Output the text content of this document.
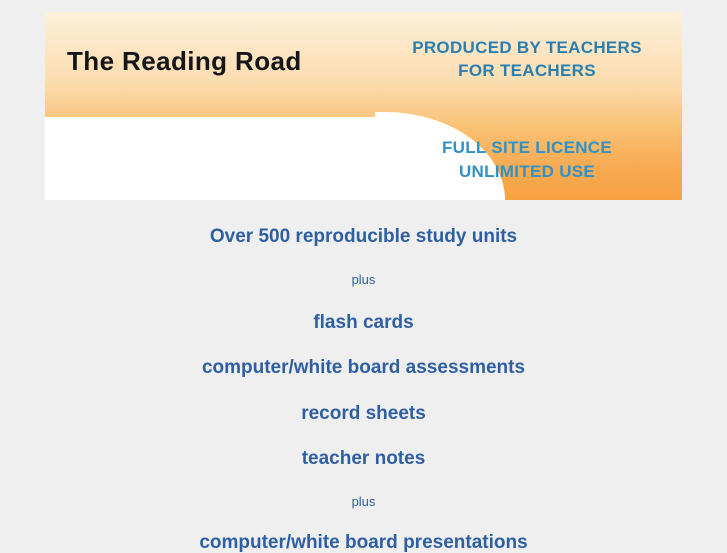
The Reading Road	PRODUCED BY TEACHERS
FOR TEACHERS
FULL SITE LICENCE
UNLIMITED USE
Over 500 reproducible study units
plus
flash cards
computer/white board assessments
record sheets
teacher notes
plus
computer/white board presentations
